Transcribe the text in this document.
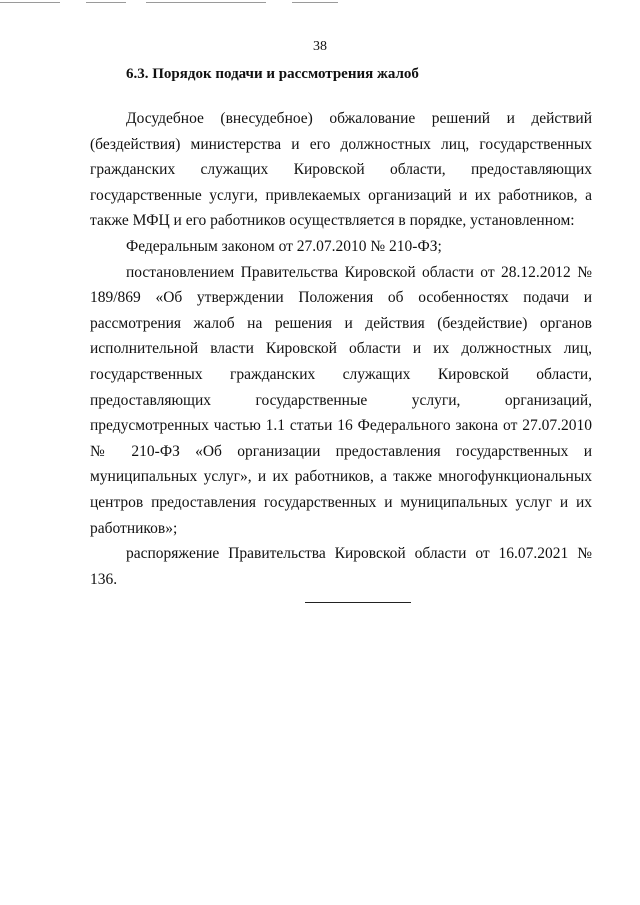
38
6.3. Порядок подачи и рассмотрения жалоб

Досудебное (внесудебное) обжалование решений и действий (бездействия) министерства и его должностных лиц, государственных гражданских служащих Кировской области, предоставляющих государственные услуги, привлекаемых организаций и их работников, а также МФЦ и его работников осуществляется в порядке, установленном:

Федеральным законом от 27.07.2010 № 210-ФЗ;

постановлением Правительства Кировской области от 28.12.2012 № 189/869 «Об утверждении Положения об особенностях подачи и рассмотрения жалоб на решения и действия (бездействие) органов исполнительной власти Кировской области и их должностных лиц, государственных гражданских служащих Кировской области, предоставляющих государственные услуги, организаций, предусмотренных частью 1.1 статьи 16 Федерального закона от 27.07.2010 № 210-ФЗ «Об организации предоставления государственных и муниципальных услуг», и их работников, а также многофункциональных центров предоставления государственных и муниципальных услуг и их работников»;

распоряжение Правительства Кировской области от 16.07.2021 № 136.
